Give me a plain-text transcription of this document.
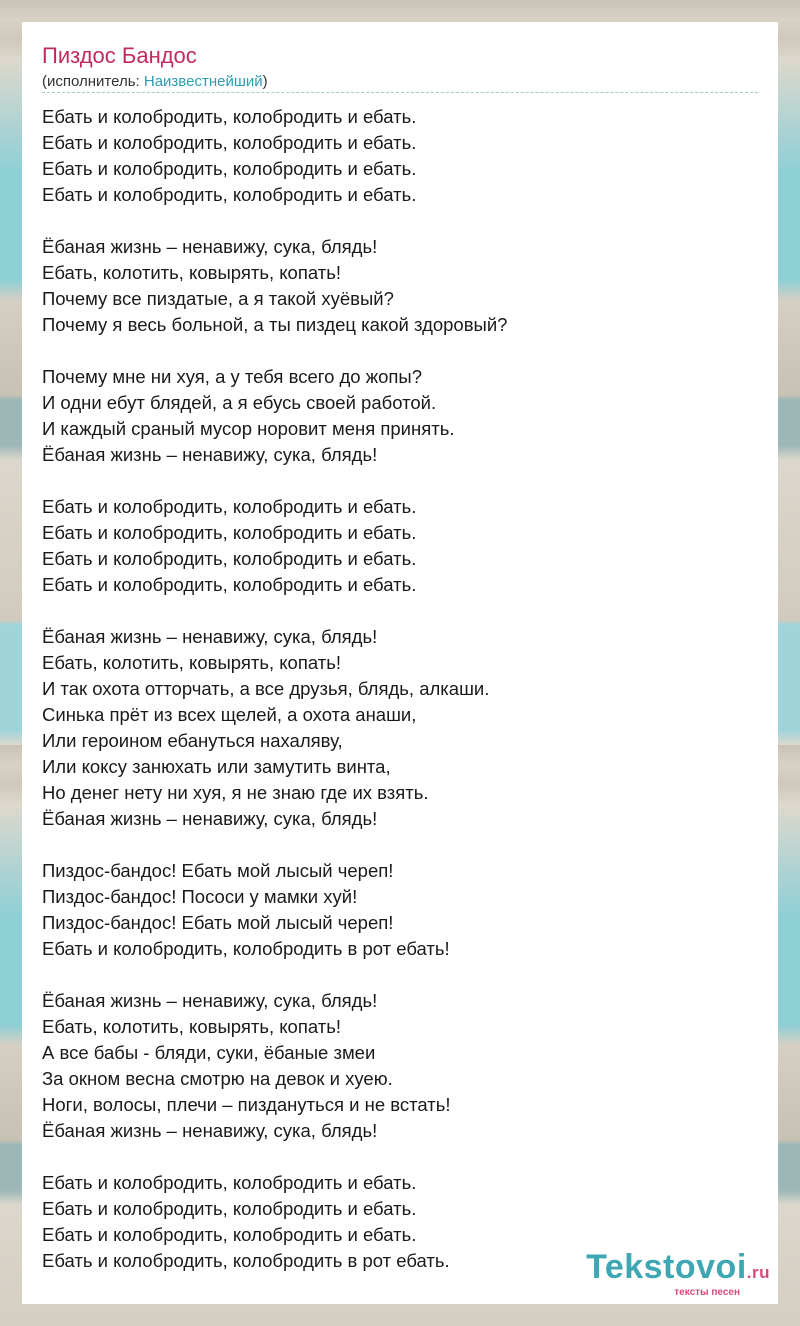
Пиздос Бандос
(исполнитель: Наизвестнейший)
Ебать и колобродить, колобродить и ебать.
Ебать и колобродить, колобродить и ебать.
Ебать и колобродить, колобродить и ебать.
Ебать и колобродить, колобродить и ебать.
Ёбаная жизнь – ненавижу, сука, блядь!
Ебать, колотить, ковырять, копать!
Почему все пиздатые, а я такой хуёвый?
Почему я весь больной, а ты пиздец какой здоровый?
Почему мне ни хуя, а у тебя всего до жопы?
И одни ебут блядей, а я ебусь своей работой.
И каждый сраный мусор норовит меня принять.
Ёбаная жизнь – ненавижу, сука, блядь!
Ебать и колобродить, колобродить и ебать.
Ебать и колобродить, колобродить и ебать.
Ебать и колобродить, колобродить и ебать.
Ебать и колобродить, колобродить и ебать.
Ёбаная жизнь – ненавижу, сука, блядь!
Ебать, колотить, ковырять, копать!
И так охота отторчать, а все друзья, блядь, алкаши.
Синька прёт из всех щелей, а охота анаши,
Или героином ебануться нахаляву,
Или коксу занюхать или замутить винта,
Но денег нету ни хуя, я не знаю где их взять.
Ёбаная жизнь – ненавижу, сука, блядь!
Пиздос-бандос! Ебать мой лысый череп!
Пиздос-бандос! Пососи у мамки хуй!
Пиздос-бандос! Ебать мой лысый череп!
Ебать и колобродить, колобродить в рот ебать!
Ёбаная жизнь – ненавижу, сука, блядь!
Ебать, колотить, ковырять, копать!
А все бабы - бляди, суки, ёбаные змеи
За окном весна смотрю на девок и хуею.
Ноги, волосы, плечи – пиздануться и не встать!
Ёбаная жизнь – ненавижу, сука, блядь!
Ебать и колобродить, колобродить и ебать.
Ебать и колобродить, колобродить и ебать.
Ебать и колобродить, колобродить и ебать.
Ебать и колобродить, колобродить в рот ебать.	Tekstovoi.ru
тексты песен
